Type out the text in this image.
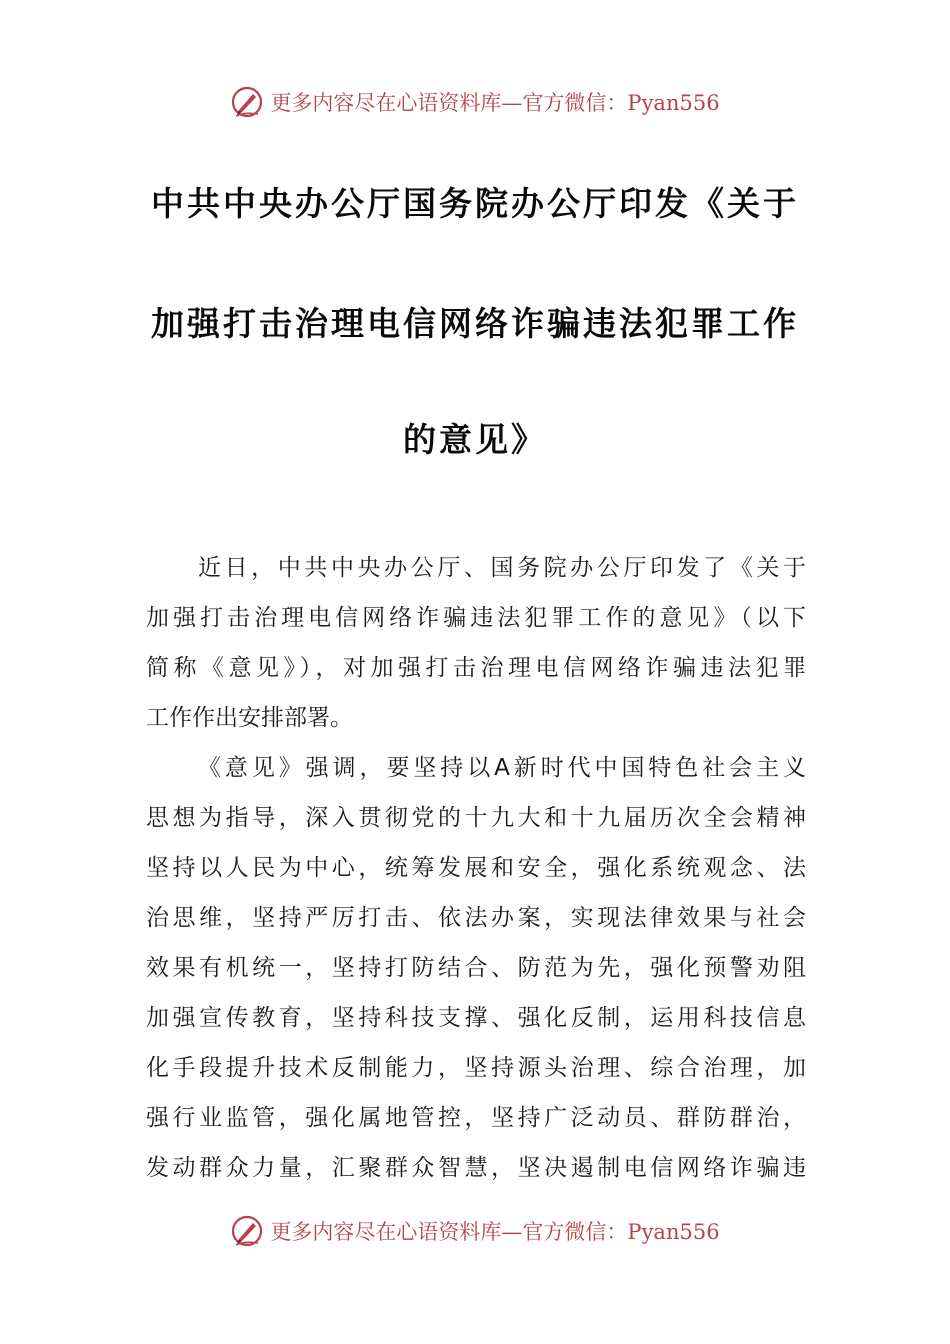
更多内容尽在心语资料库—官方微信：Pyan556
中共中央办公厅国务院办公厅印发《关于
加强打击治理电信网络诈骗违法犯罪工作
的意见》
近日，中共中央办公厅、国务院办公厅印发了《关于
加强打击治理电信网络诈骗违法犯罪工作的意见》（以下
简称《意见》），对加强打击治理电信网络诈骗违法犯罪
工作作出安排部署。
《意见》强调，要坚持以A新时代中国特色社会主义
思想为指导，深入贯彻党的十九大和十九届历次全会精神
坚持以人民为中心，统筹发展和安全，强化系统观念、法
治思维，坚持严厉打击、依法办案，实现法律效果与社会
效果有机统一，坚持打防结合、防范为先，强化预警劝阻
加强宣传教育，坚持科技支撑、强化反制，运用科技信息
化手段提升技术反制能力，坚持源头治理、综合治理，加
强行业监管，强化属地管控，坚持广泛动员、群防群治，
发动群众力量，汇聚群众智慧，坚决遏制电信网络诈骗违
更多内容尽在心语资料库—官方微信：Pyan556
